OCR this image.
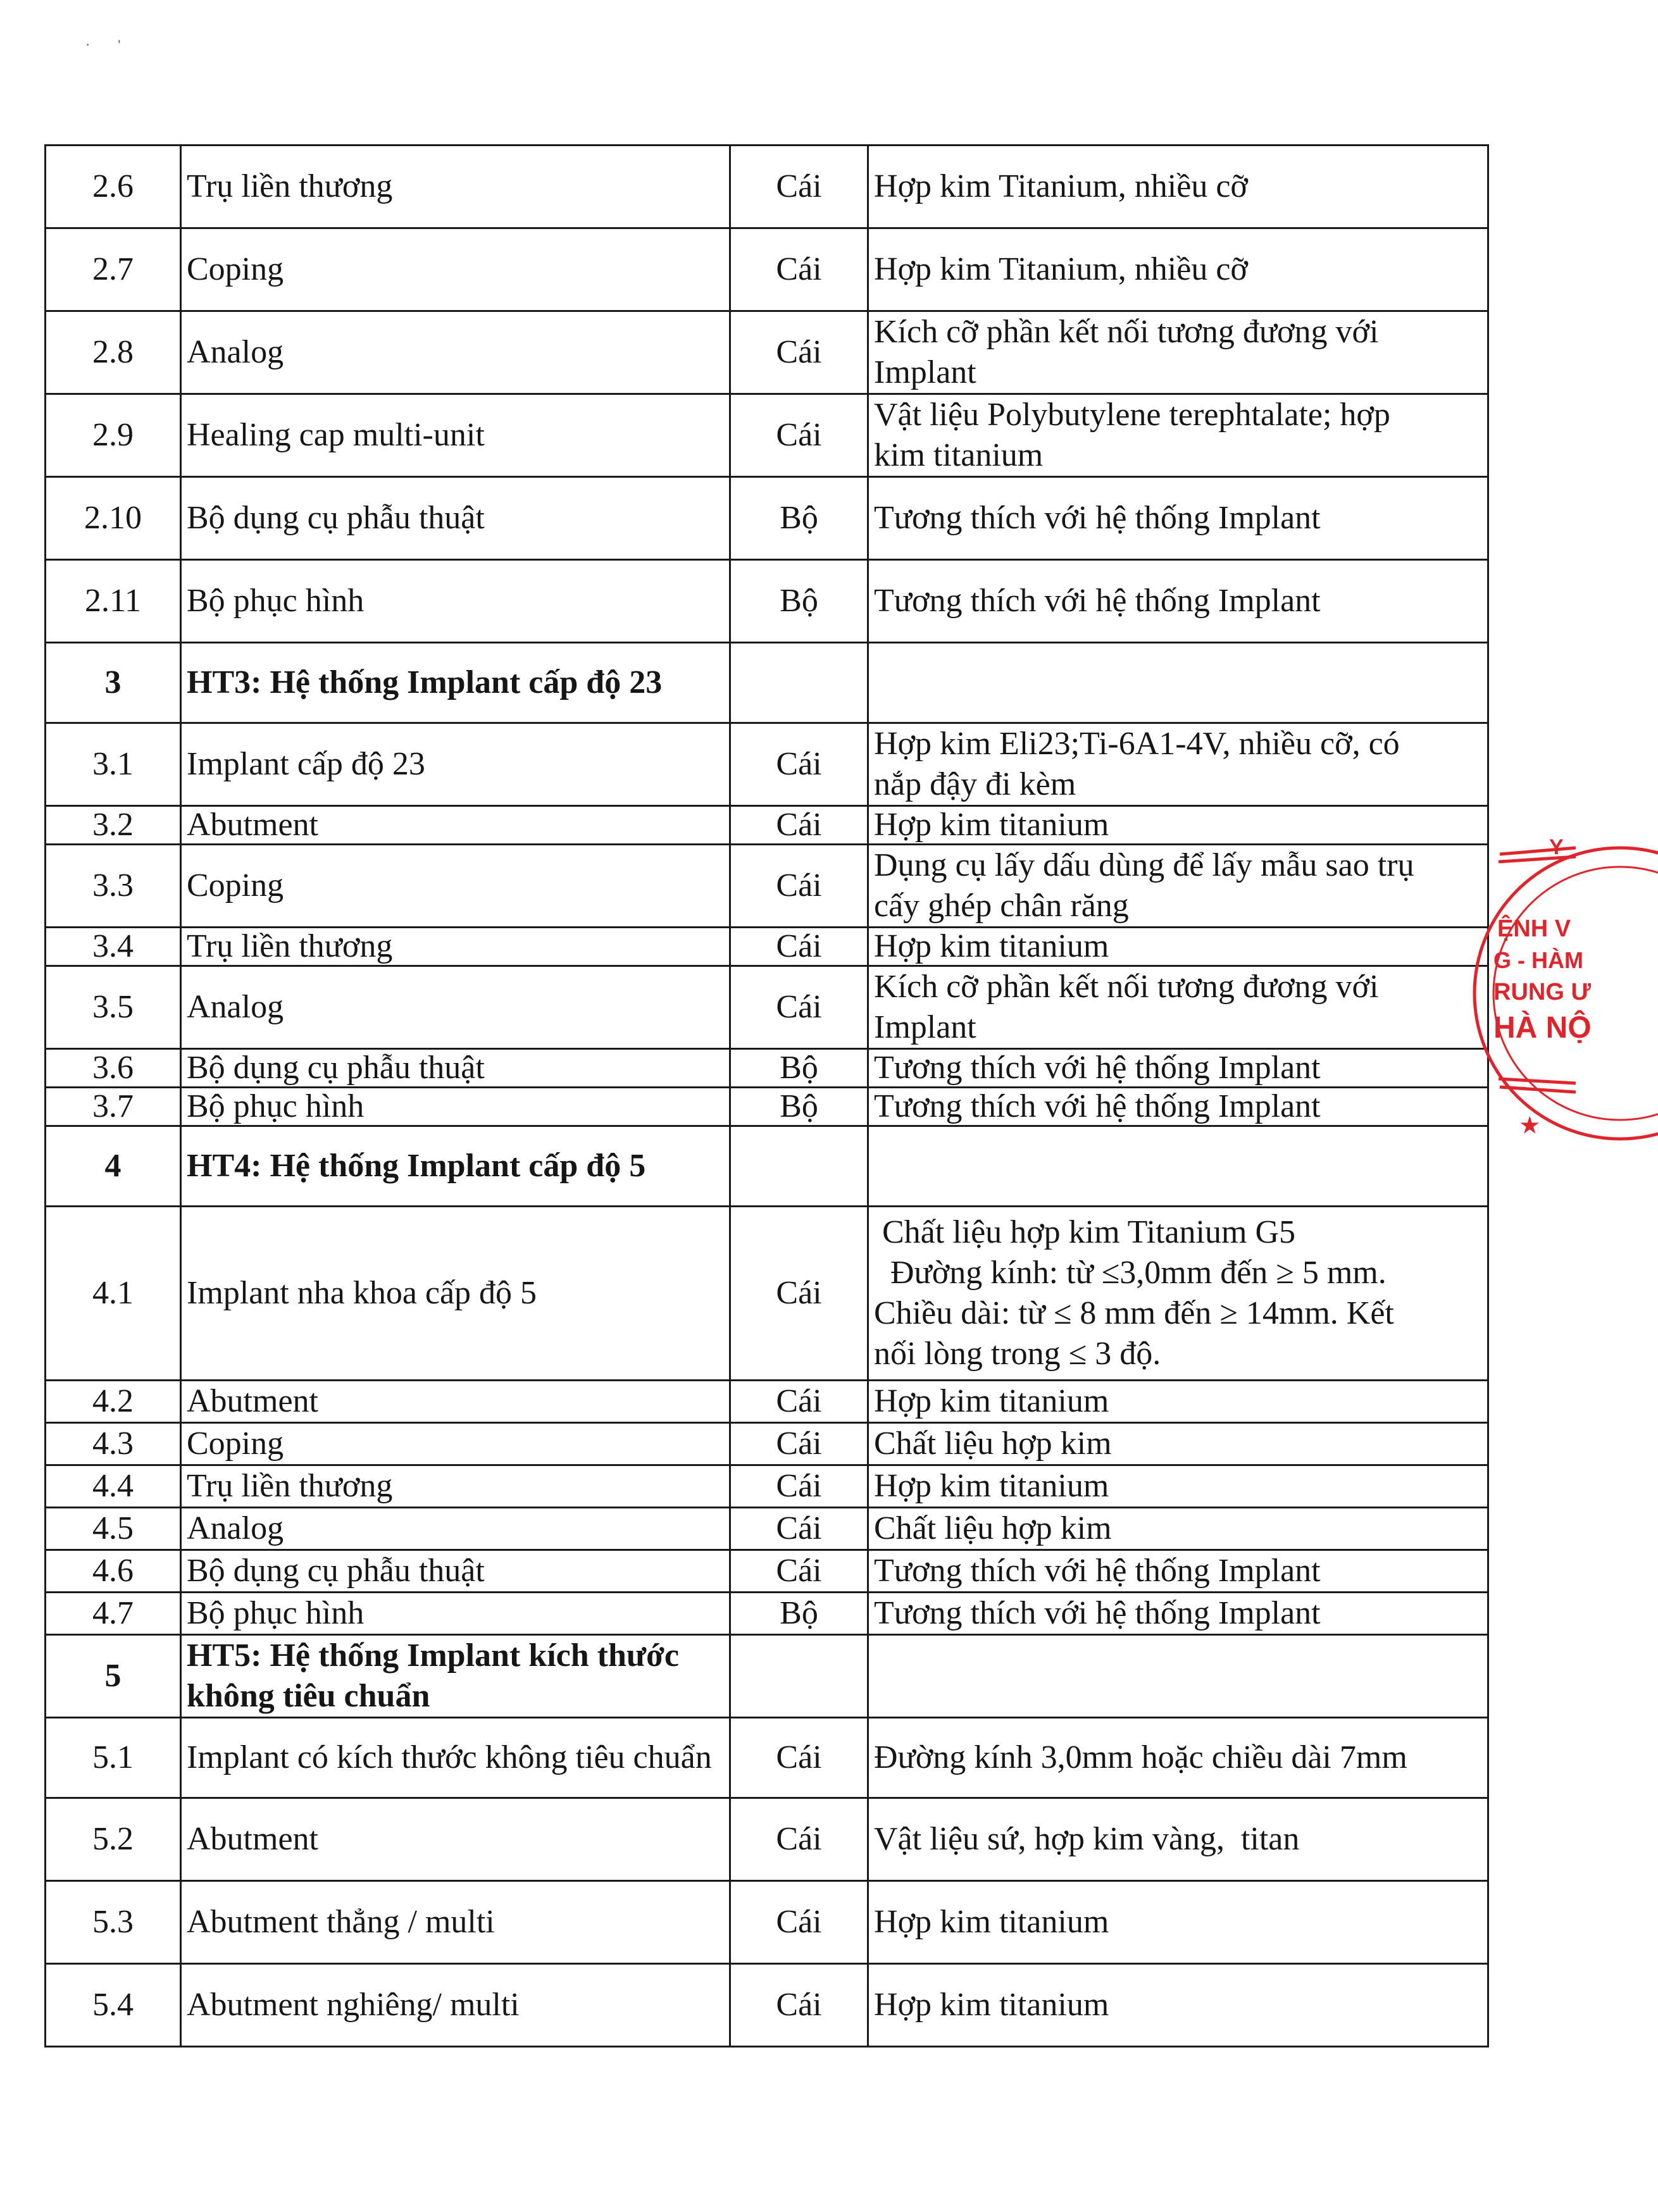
·        '
2.6	Trụ liền thương	Cái	Hợp kim Titanium, nhiều cỡ

2.7	Coping	Cái	Hợp kim Titanium, nhiều cỡ

2.8	Analog	Cái	Kích cỡ phần kết nối tương đương với
Implant

2.9	Healing cap multi-unit	Cái	Vật liệu Polybutylene terephtalate; hợp
kim titanium

2.10	Bộ dụng cụ phẫu thuật	Bộ	Tương thích với hệ thống Implant

2.11	Bộ phục hình	Bộ	Tương thích với hệ thống Implant

3	HT3: Hệ thống Implant cấp độ 23		
3.1	Implant cấp độ 23	Cái	Hợp kim Eli23;Ti-6A1-4V, nhiều cỡ, có
nắp đậy đi kèm

3.2	Abutment	Cái	Hợp kim titanium

3.3	Coping	Cái	Dụng cụ lấy dấu dùng để lấy mẫu sao trụ
cấy ghép chân răng

3.4	Trụ liền thương	Cái	Hợp kim titanium

3.5	Analog	Cái	Kích cỡ phần kết nối tương đương với
Implant

3.6	Bộ dụng cụ phẫu thuật	Bộ	Tương thích với hệ thống Implant

3.7	Bộ phục hình	Bộ	Tương thích với hệ thống Implant

4	HT4: Hệ thống Implant cấp độ 5		
4.1	Implant nha khoa cấp độ 5	Cái	Chất liệu hợp kim Titanium G5
Đường kính: từ ≤3,0mm đến ≥ 5 mm.
Chiều dài: từ ≤ 8 mm đến ≥ 14mm. Kết
nối lòng trong ≤ 3 độ.

4.2	Abutment	Cái	Hợp kim titanium

4.3	Coping	Cái	Chất liệu hợp kim

4.4	Trụ liền thương	Cái	Hợp kim titanium

4.5	Analog	Cái	Chất liệu hợp kim

4.6	Bộ dụng cụ phẫu thuật	Cái	Tương thích với hệ thống Implant

4.7	Bộ phục hình	Bộ	Tương thích với hệ thống Implant

5	HT5: Hệ thống Implant kích thước không tiêu chuẩn		
5.1	Implant có kích thước không tiêu chuẩn	Cái	Đường kính 3,0mm hoặc chiều dài 7mm

5.2	Abutment	Cái	Vật liệu sứ, hợp kim vàng,  titan

5.3	Abutment thẳng / multi	Cái	Hợp kim titanium

5.4	Abutment nghiêng/ multi	Cái	Hợp kim titanium
Y
ỆNH V
G - HÀM
RUNG Ư
HÀ NỘ
★
